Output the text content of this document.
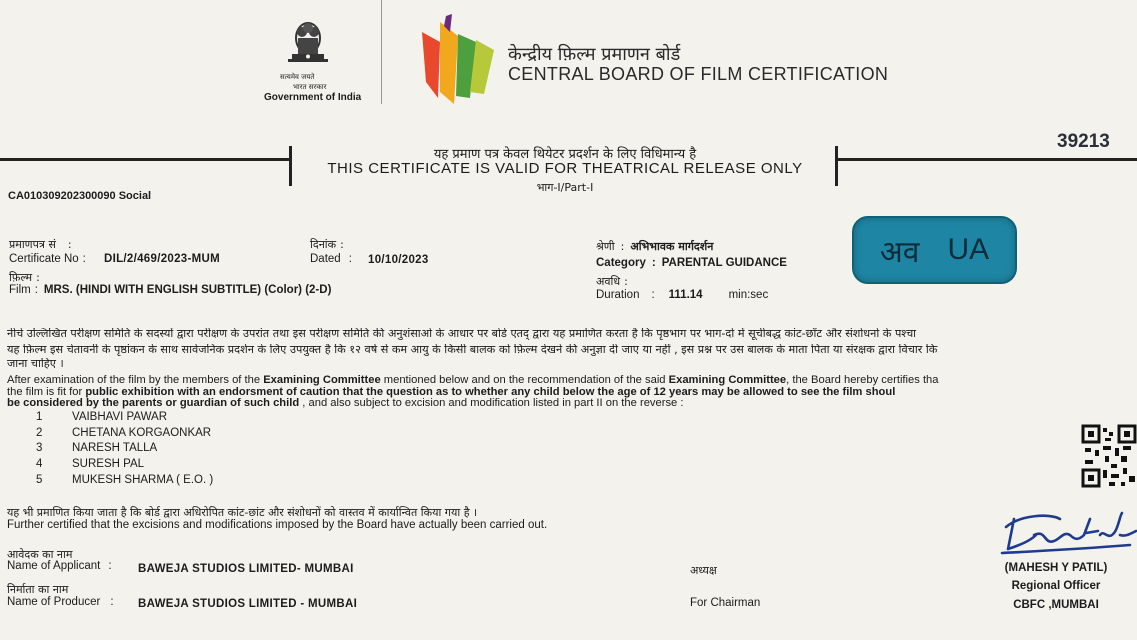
सत्यमेव जयते
भारत सरकार
Government of India
केन्द्रीय फ़िल्म प्रमाणन बोर्ड
CENTRAL BOARD OF FILM CERTIFICATION
39213
यह प्रमाण पत्र केवल थियेटर प्रदर्शन के लिए विधिमान्य है
THIS CERTIFICATE IS VALID FOR THEATRICAL RELEASE ONLY
भाग-I/Part-I
CA010309202300090 Social
प्रमाणपत्र सं :
Certificate No : DIL/2/469/2023-MUM
दिनांक :
Dated : 10/10/2023
श्रेणी : अभिभावक मार्गदर्शन
Category : PARENTAL GUIDANCE
फ़िल्म :
Film : MRS. (HINDI WITH ENGLISH SUBTITLE) (Color) (2-D)
अवधि :
Duration : 111.14 min:sec
अव UA
नीचे उल्लिखित परीक्षण समिति के सदस्यों द्वारा परीक्षण के उपरांत तथा इस परीक्षण समिति की अनुशंसाओ के आधार पर बोर्ड एतद् द्वारा यह प्रमाणित करता है कि पृष्ठभाग पर भाग-दो में सूचीबद्ध कांट-छाँट और संशोधनो के पश्चा
यह फ़िल्म इस चेतावनी के पृष्ठांकन के साथ सार्वजनिक प्रदर्शन के लिए उपयुक्त है कि १२ वर्ष से कम आयु के किसी बालक को फ़िल्म देखने की अनुज्ञा दी जाए या नहीं , इस प्रश्न पर उस बालक के माता पिता या संरक्षक द्वारा विचार कि
जाना चाहिए ।
After examination of the film by the members of the Examining Committee mentioned below and on the recommendation of the said Examining Committee, the Board hereby certifies tha
the film is fit for public exhibition with an endorsment of caution that the question as to whether any child below the age of 12 years may be allowed to see the film shoul
be considered by the parents or guardian of such child , and also subject to excision and modification listed in part II on the reverse :
1	VAIBHAVI PAWAR
2	CHETANA KORGAONKAR
3	NARESH TALLA
4	SURESH PAL
5	MUKESH SHARMA ( E.O. )
यह भी प्रमाणित किया जाता है कि बोर्ड द्वारा अधिरोपित कांट-छांट और संशोधनों को वास्तव में कार्यान्वित किया गया है ।
Further certified that the excisions and modifications imposed by the Board have actually been carried out.
आवेदक का नाम
Name of Applicant : BAWEJA STUDIOS LIMITED- MUMBAI
निर्माता का नाम
Name of Producer : BAWEJA STUDIOS LIMITED - MUMBAI
अध्यक्ष
For Chairman
(MAHESH Y PATIL)
Regional Officer
CBFC ,MUMBAI
